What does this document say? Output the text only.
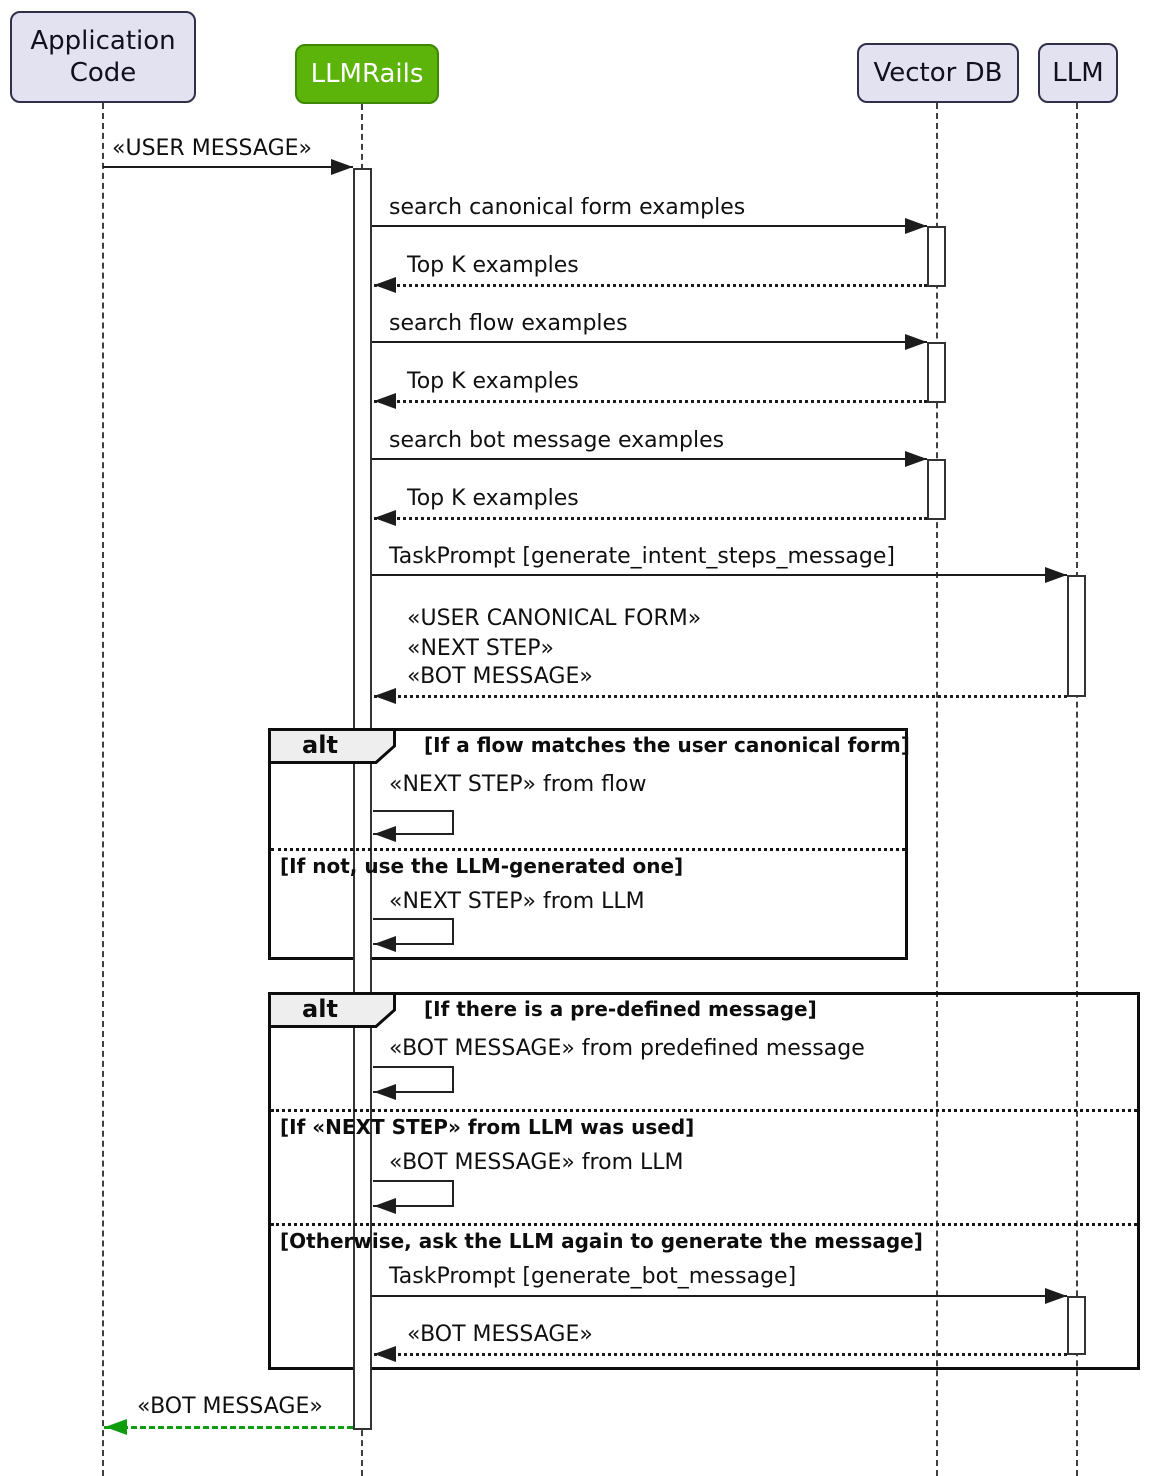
Application Code	LLMRails	Vector DB LLM
«USER MESSAGE»
search canonical form examples
Top K examples
search flow examples
Top K examples
search bot message examples
Top K examples
TaskPrompt [generate_intent_steps_message]
«USER CANONICAL FORM»
«NEXT STEP»
«BOT MESSAGE»
alt	[If a flow matches the user canonical form]
«NEXT STEP» from flow
[If not, use the LLM-generated one]
«NEXT STEP» from LLM
alt	[If there is a pre-defined message]
«BOT MESSAGE» from predefined message
[If «NEXT STEP» from LLM was used]
«BOT MESSAGE» from LLM
[Otherwise, ask the LLM again to generate the message]
TaskPrompt [generate_bot_message]
«BOT MESSAGE»
«BOT MESSAGE»
